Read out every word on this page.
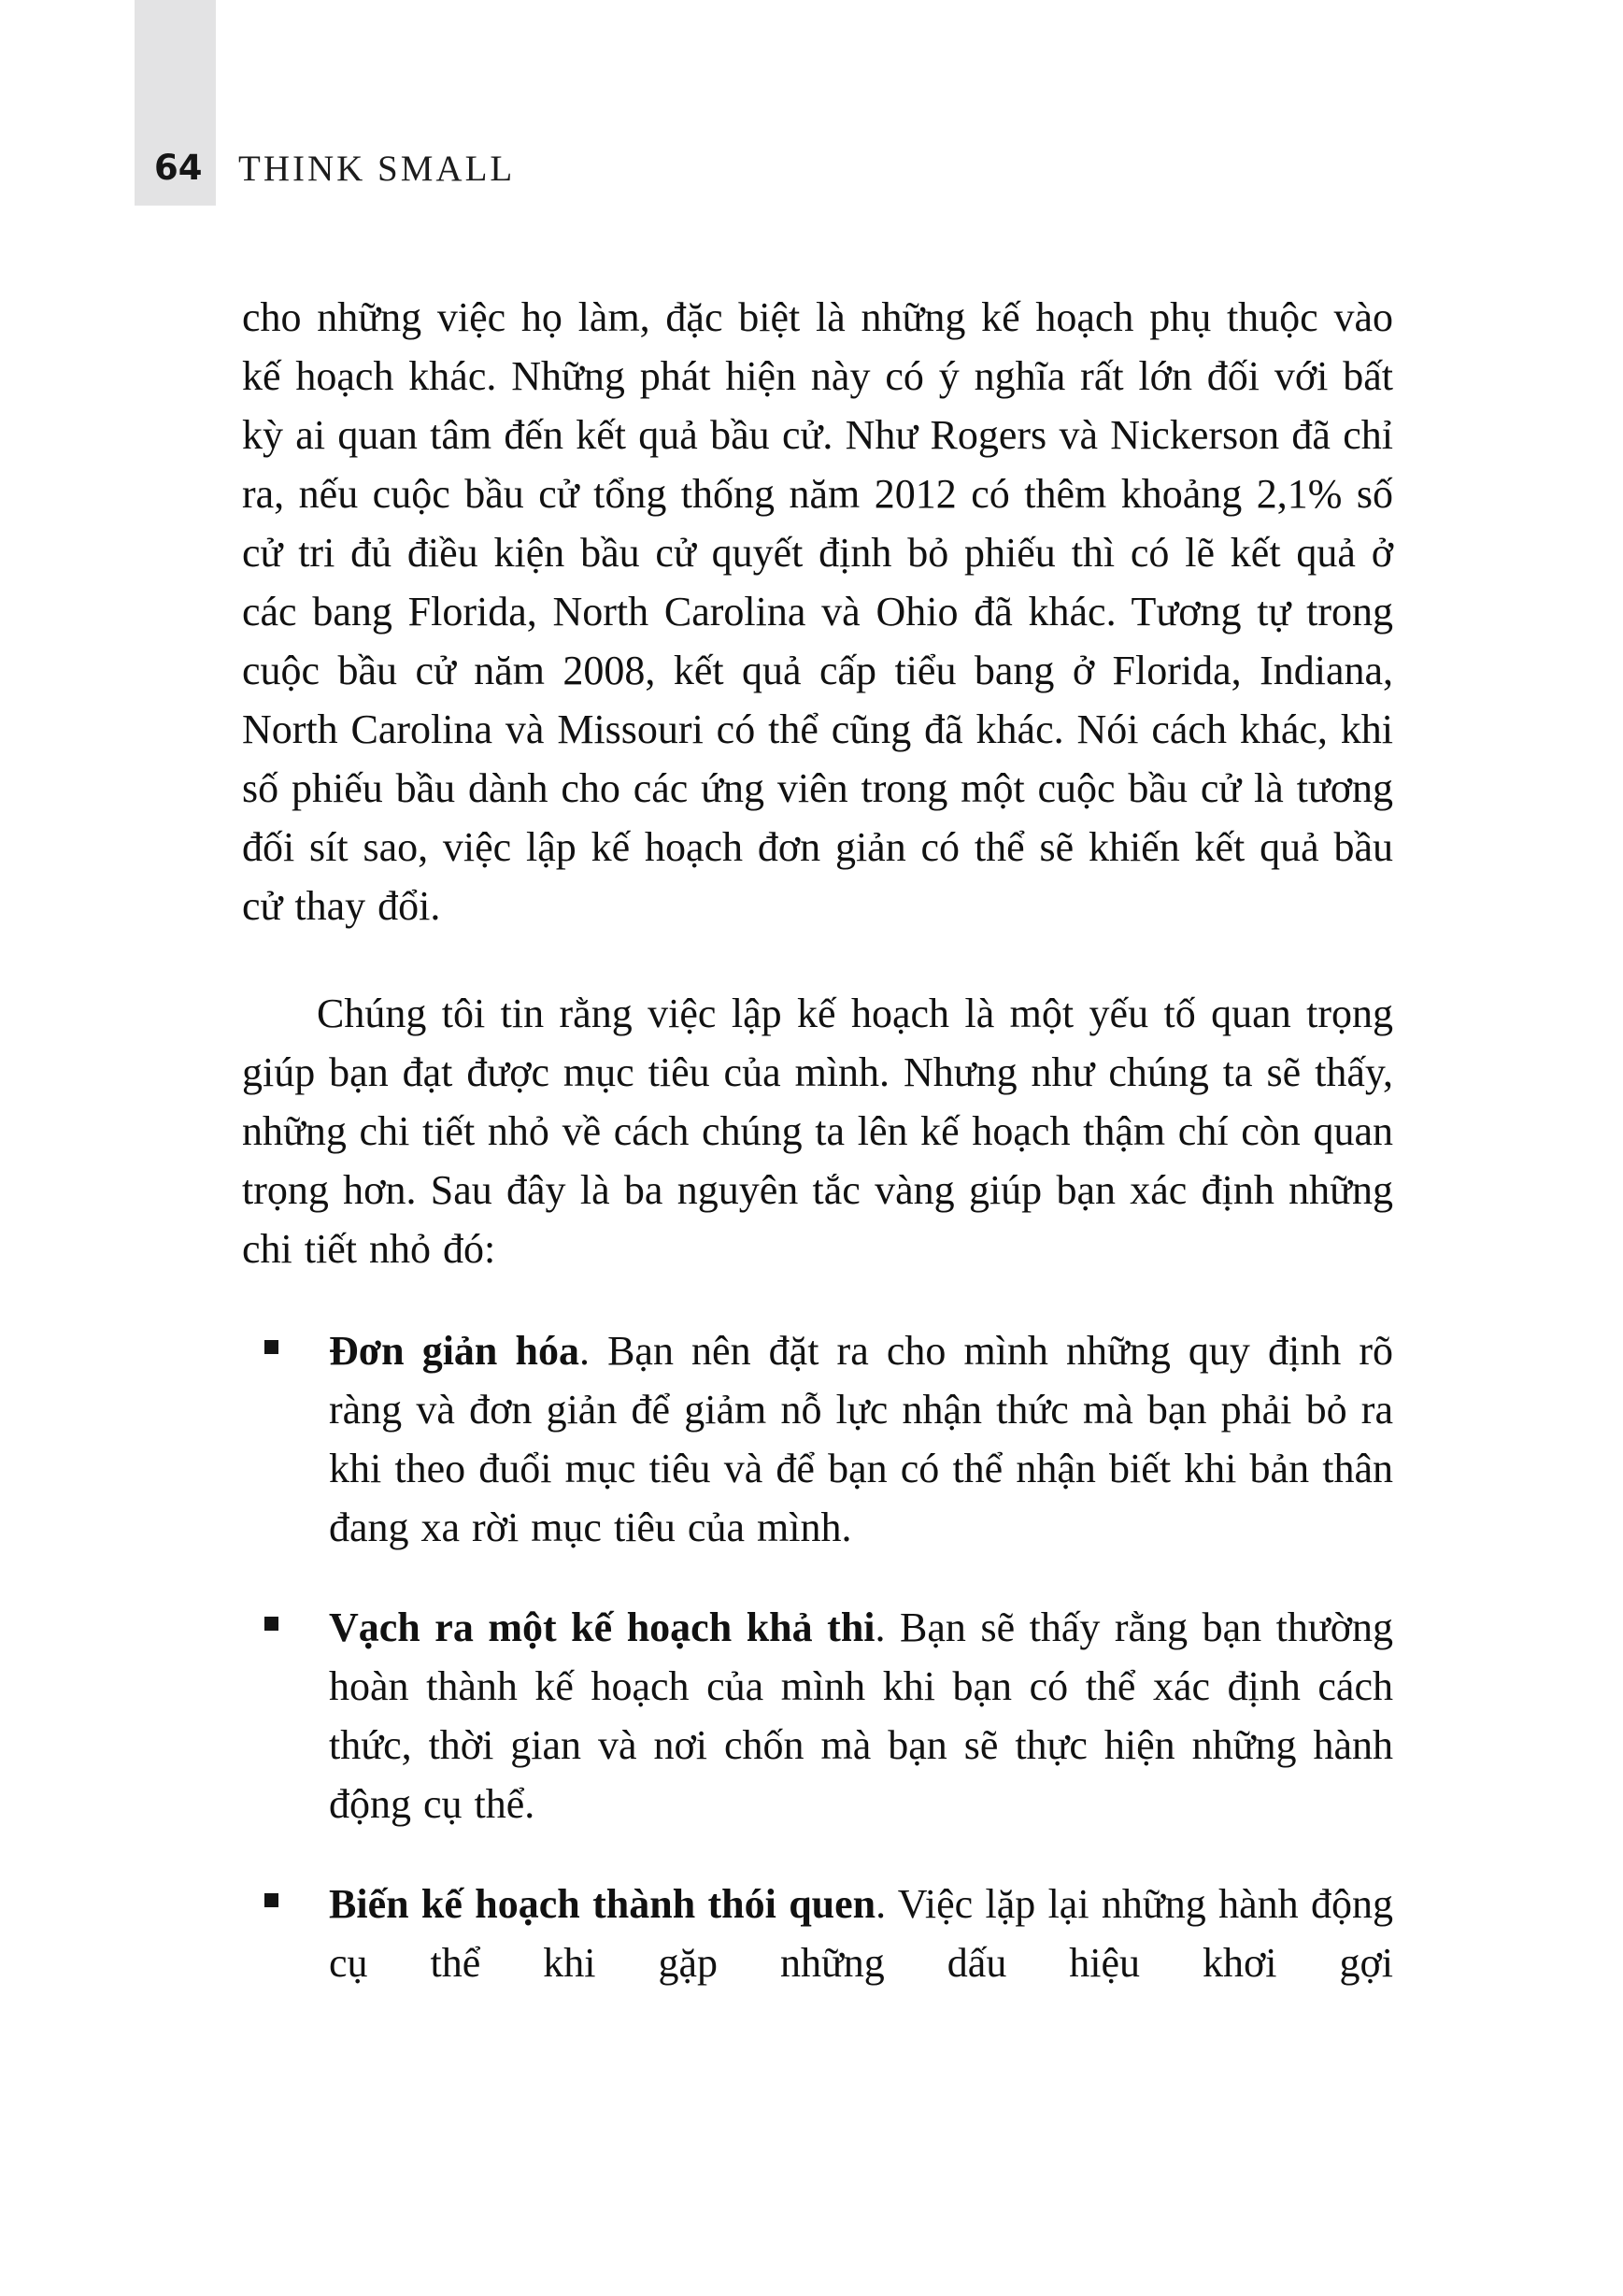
64 THINK SMALL

cho những việc họ làm, đặc biệt là những kế hoạch phụ thuộc vào kế hoạch khác. Những phát hiện này có ý nghĩa rất lớn đối với bất kỳ ai quan tâm đến kết quả bầu cử. Như Rogers và Nickerson đã chỉ ra, nếu cuộc bầu cử tổng thống năm 2012 có thêm khoảng 2,1% số cử tri đủ điều kiện bầu cử quyết định bỏ phiếu thì có lẽ kết quả ở các bang Florida, North Carolina và Ohio đã khác. Tương tự trong cuộc bầu cử năm 2008, kết quả cấp tiểu bang ở Florida, Indiana, North Carolina và Missouri có thể cũng đã khác. Nói cách khác, khi số phiếu bầu dành cho các ứng viên trong một cuộc bầu cử là tương đối sít sao, việc lập kế hoạch đơn giản có thể sẽ khiến kết quả bầu cử thay đổi.

Chúng tôi tin rằng việc lập kế hoạch là một yếu tố quan trọng giúp bạn đạt được mục tiêu của mình. Nhưng như chúng ta sẽ thấy, những chi tiết nhỏ về cách chúng ta lên kế hoạch thậm chí còn quan trọng hơn. Sau đây là ba nguyên tắc vàng giúp bạn xác định những chi tiết nhỏ đó:

Đơn giản hóa. Bạn nên đặt ra cho mình những quy định rõ ràng và đơn giản để giảm nỗ lực nhận thức mà bạn phải bỏ ra khi theo đuổi mục tiêu và để bạn có thể nhận biết khi bản thân đang xa rời mục tiêu của mình.
Vạch ra một kế hoạch khả thi. Bạn sẽ thấy rằng bạn thường hoàn thành kế hoạch của mình khi bạn có thể xác định cách thức, thời gian và nơi chốn mà bạn sẽ thực hiện những hành động cụ thể.
Biến kế hoạch thành thói quen. Việc lặp lại những hành động cụ thể khi gặp những dấu hiệu khơi gợi
